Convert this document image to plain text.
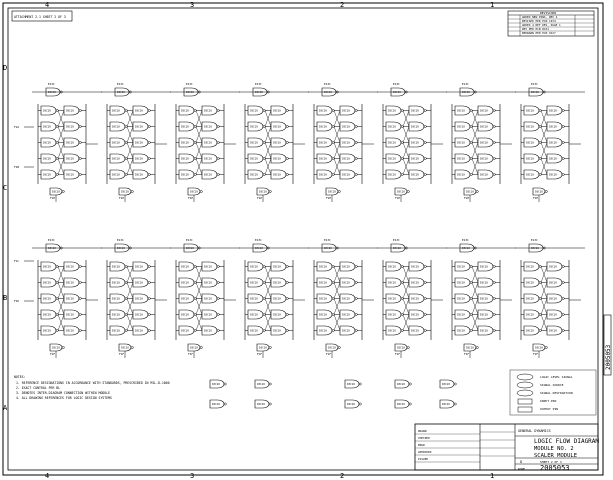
4	3	2	1
4	3	2	1
D
C
B
A
ATTACHMENT 2-1 SHEET 2 OF 3
REVISIONS
ADDED NEW PINS, REV 4
REVISED PER ECN 1234
ADDED 4 REF DES, PAGE 1
REV PER ECN 8431
REDRAWN PER ECN 9127
2005053
D3C10
E13C
D3C10	D3C10
D3C10	D3C10
D3C10	D3C10
D3C10	D3C10
D3C10	D3C10
D3C10
F1E
D3C10
E13C
D3C10	D3C10
D3C10	D3C10
D3C10	D3C10
D3C10	D3C10
D3C10	D3C10
D3C10
F1E
D3C10
E13C
D3C10	D3C10
D3C10	D3C10
D3C10	D3C10
D3C10	D3C10
D3C10	D3C10
D3C10
F1E
D3C10
E13C
D3C10	D3C10
D3C10	D3C10
D3C10	D3C10
D3C10	D3C10
D3C10	D3C10
D3C10
F1E
D3C10
E13C
D3C10	D3C10
D3C10	D3C10
D3C10	D3C10
D3C10	D3C10
D3C10	D3C10
D3C10
F1E
D3C10
E13C
D3C10	D3C10
D3C10	D3C10
D3C10	D3C10
D3C10	D3C10
D3C10	D3C10
D3C10
F1E
D3C10
E13C
D3C10	D3C10
D3C10	D3C10
D3C10	D3C10
D3C10	D3C10
D3C10	D3C10
D3C10
F1E
D3C10
E13C
D3C10	D3C10
D3C10	D3C10
D3C10	D3C10
D3C10	D3C10
D3C10	D3C10
D3C10
F1E
F1A
F1B
D3C10
E13C
D3C10	D3C10
D3C10	D3C10
D3C10	D3C10
D3C10	D3C10
D3C10	D3C10
D3C10
F1F
D3C10
E13C
D3C10	D3C10
D3C10	D3C10
D3C10	D3C10
D3C10	D3C10
D3C10	D3C10
D3C10
F1F
D3C10
E13C
D3C10	D3C10
D3C10	D3C10
D3C10	D3C10
D3C10	D3C10
D3C10	D3C10
D3C10
F1F
D3C10
E13C
D3C10	D3C10
D3C10	D3C10
D3C10	D3C10
D3C10	D3C10
D3C10	D3C10
D3C10
F1F
D3C10
E13C
D3C10	D3C10
D3C10	D3C10
D3C10	D3C10
D3C10	D3C10
D3C10	D3C10
D3C10
F1F
D3C10
E13C
D3C10	D3C10
D3C10	D3C10
D3C10	D3C10
D3C10	D3C10
D3C10	D3C10
D3C10
F1F
D3C10
E13C
D3C10	D3C10
D3C10	D3C10
D3C10	D3C10
D3C10	D3C10
D3C10	D3C10
D3C10
F1F
D3C10
E13C
D3C10	D3C10
D3C10	D3C10
D3C10	D3C10
D3C10	D3C10
D3C10	D3C10
D3C10
F1F
F1C
F1D
NOTES:
1. REFERENCE DESIGNATIONS IN ACCORDANCE WITH STANDARDS, PRESCRIBED IN MIL-D-1000
2. EXACT CONTROL PER BL
3. DENOTES INTER-DIAGRAM CONNECTION WITHIN MODULE
4. ALL DRAWING REFERENCES FOR LOGIC DESIGN SYSTEMS
D3C10	D3C10
D3C10	D3C10
D3C10
D3C10
D3C10
D3C10
D3C10
D3C10
LOGIC LEVEL SIGNAL
SIGNAL SOURCE
SIGNAL DESTINATION
INPUT PIN
OUTPUT PIN
DRAWN
CHECKED
ENGR
APPROVED
ISSUED
GENERAL DYNAMICS
LOGIC FLOW DIAGRAM
MODULE NO. 2
SCALER MODULE
D	SHEET 2 OF 3
2005053
NONE
